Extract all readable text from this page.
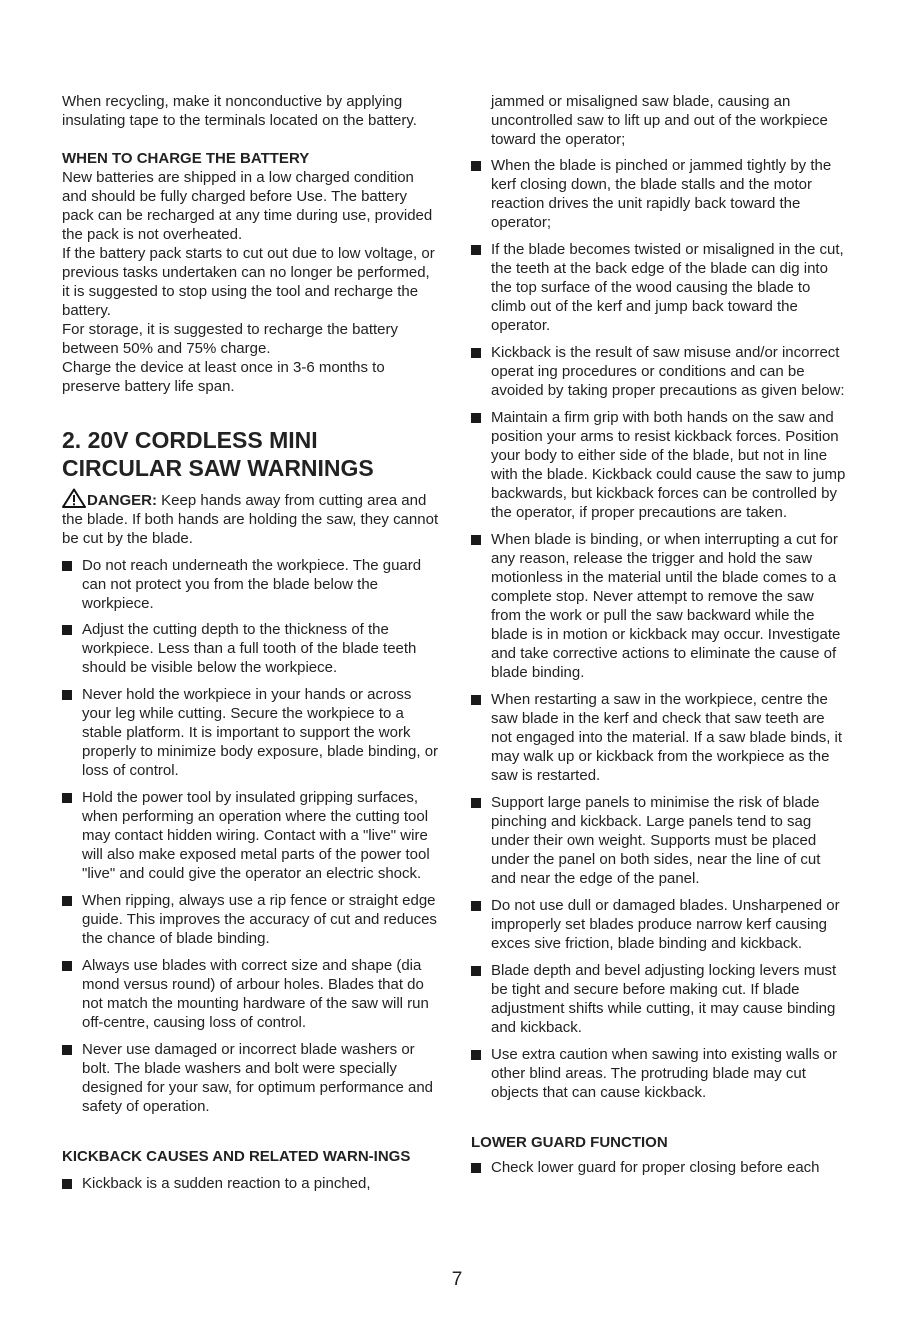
When recycling, make it nonconductive by applying insulating tape to the terminals located on the battery.

WHEN TO CHARGE THE BATTERY

New batteries are shipped in a low charged condition and should be fully charged before Use. The battery pack can be recharged at any time during use, provided the pack is not overheated.

If the battery pack starts to cut out due to low voltage, or previous tasks undertaken can no longer be performed, it is suggested to stop using the tool and recharge the battery.

For storage, it is suggested to recharge the battery between 50% and 75% charge.

Charge the device at least once in 3-6 months to preserve battery life span.

2. 20V CORDLESS MINI CIRCULAR SAW WARNINGS

DANGER: Keep hands away from cutting area and the blade. If both hands are holding the saw, they cannot be cut by the blade.

Do not reach underneath the workpiece. The guard can not protect you from the blade below the workpiece.
Adjust the cutting depth to the thickness of the workpiece. Less than a full tooth of the blade teeth should be visible below the workpiece.
Never hold the workpiece in your hands or across your leg while cutting. Secure the workpiece to a stable platform. It is important to support the work properly to minimize body exposure, blade binding, or loss of control.
Hold the power tool by insulated gripping surfaces, when performing an operation where the cutting tool may contact hidden wiring. Contact with a "live" wire will also make exposed metal parts of the power tool "live" and could give the operator an electric shock.
When ripping, always use a rip fence or straight edge guide. This improves the accuracy of cut and reduces the chance of blade binding.
Always use blades with correct size and shape (dia mond versus round) of arbour holes. Blades that do not match the mounting hardware of the saw will run off-centre, causing loss of control.
Never use damaged or incorrect blade washers or bolt. The blade washers and bolt were specially designed for your saw, for optimum performance and safety of operation.

KICKBACK CAUSES AND RELATED WARN-INGS

Kickback is a sudden reaction to a pinched,

jammed or misaligned saw blade, causing an uncontrolled saw to lift up and out of the workpiece toward the operator;

When the blade is pinched or jammed tightly by the kerf closing down, the blade stalls and the motor reaction drives the unit rapidly back toward the operator;
If the blade becomes twisted or misaligned in the cut, the teeth at the back edge of the blade can dig into the top surface of the wood causing the blade to climb out of the kerf and jump back toward the operator.
Kickback is the result of saw misuse and/or incorrect operat ing procedures or conditions and can be avoided by taking proper precautions as given below:
Maintain a firm grip with both hands on the saw and position your arms to resist kickback forces. Position your body to either side of the blade, but not in line with the blade. Kickback could cause the saw to jump backwards, but kickback forces can be controlled by the operator, if proper precautions are taken.
When blade is binding, or when interrupting a cut for any reason, release the trigger and hold the saw motionless in the material until the blade comes to a complete stop. Never attempt to remove the saw from the work or pull the saw backward while the blade is in motion or kickback may occur. Investigate and take corrective actions to eliminate the cause of blade binding.
When restarting a saw in the workpiece, centre the saw blade in the kerf and check that saw teeth are not engaged into the material. If a saw blade binds, it may walk up or kickback from the workpiece as the saw is restarted.
Support large panels to minimise the risk of blade pinching and kickback. Large panels tend to sag under their own weight. Supports must be placed under the panel on both sides, near the line of cut and near the edge of the panel.
Do not use dull or damaged blades. Unsharpened or improperly set blades produce narrow kerf causing exces sive friction, blade binding and kickback.
Blade depth and bevel adjusting locking levers must be tight and secure before making cut. If blade adjustment shifts while cutting, it may cause binding and kickback.
Use extra caution when sawing into existing walls or other blind areas. The protruding blade may cut objects that can cause kickback.

LOWER GUARD FUNCTION

Check lower guard for proper closing before each
7
